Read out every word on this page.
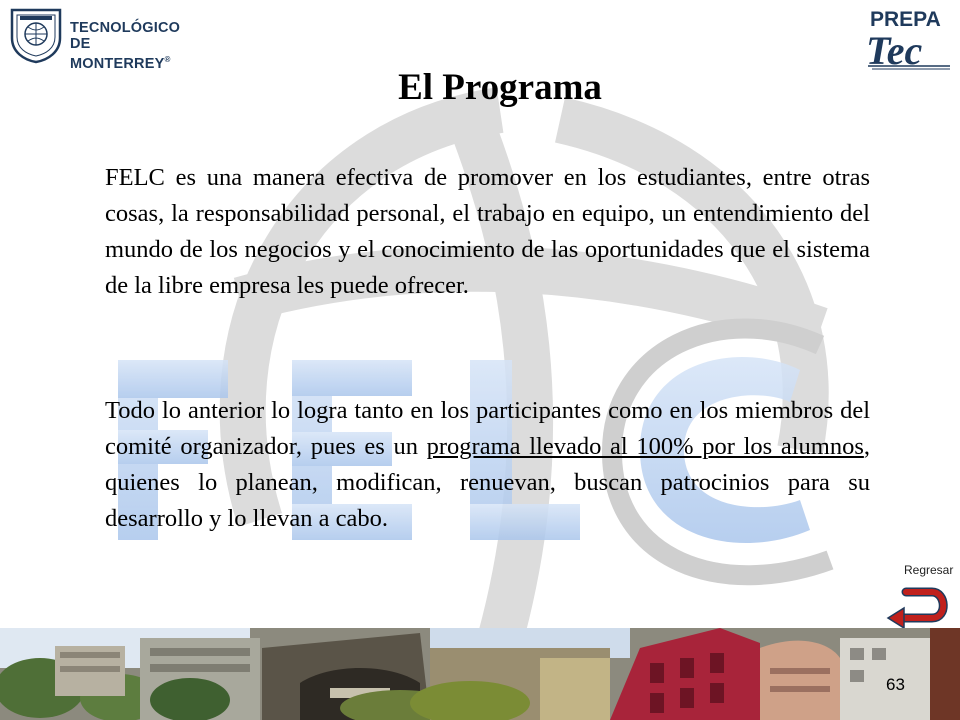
TECNOLÓGICO
DE MONTERREY®
PREPA
Tec
El Programa
FELC es una manera efectiva de promover en los estudiantes, entre otras cosas, la responsabilidad personal, el trabajo en equipo, un entendimiento del mundo de los negocios y el conocimiento de las oportunidades que el sistema de la libre empresa les puede ofrecer.
Todo lo anterior lo logra tanto en los participantes como en los miembros del comité organizador, pues es un programa llevado al 100% por los alumnos, quienes lo planean, modifican, renuevan, buscan patrocinios para su desarrollo y lo llevan a cabo.
Regresar
63
